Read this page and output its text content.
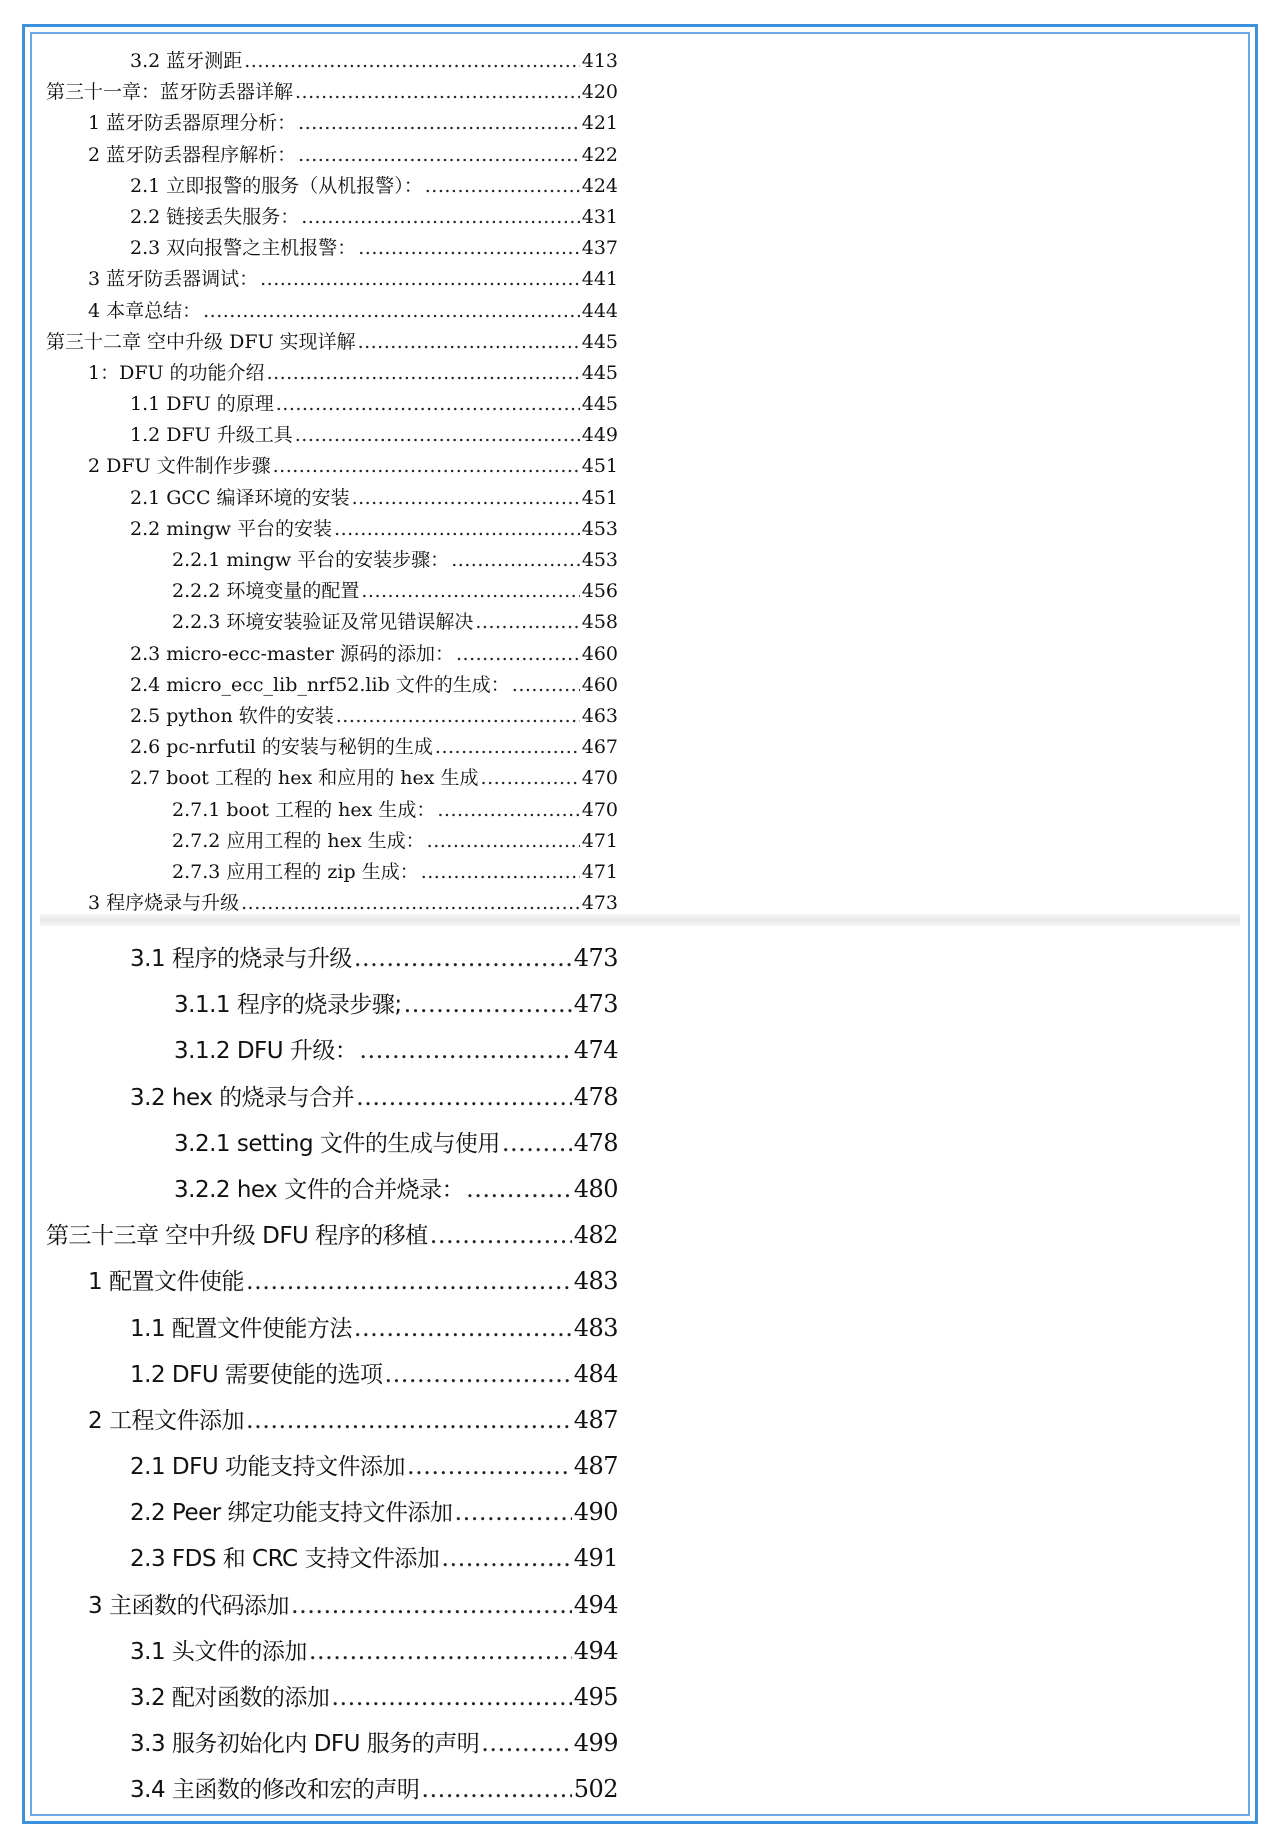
3.2 蓝牙测距 .....	413
第三十一章：蓝牙防丢器详解 .....	420
1 蓝牙防丢器原理分析： .....	421
2 蓝牙防丢器程序解析： .....	422
2.1 立即报警的服务（从机报警）： .....	424
2.2 链接丢失服务： .....	431
2.3 双向报警之主机报警： .....	437
3 蓝牙防丢器调试： .....	441
4 本章总结： .....	444
第三十二章 空中升级 DFU 实现详解 .....	445
1：DFU 的功能介绍 .....	445
1.1 DFU 的原理 .....	445
1.2 DFU 升级工具 .....	449
2 DFU 文件制作步骤 .....	451
2.1 GCC 编译环境的安装 .....	451
2.2 mingw 平台的安装 .....	453
2.2.1 mingw 平台的安装步骤： .....	453
2.2.2 环境变量的配置 .....	456
2.2.3 环境安装验证及常见错误解决 .....	458
2.3 micro-ecc-master 源码的添加： .....	460
2.4 micro_ecc_lib_nrf52.lib 文件的生成： .....	460
2.5 python 软件的安装 .....	463
2.6 pc-nrfutil 的安装与秘钥的生成 .....	467
2.7 boot 工程的 hex 和应用的 hex 生成 .....	470
2.7.1 boot 工程的 hex 生成： .....	470
2.7.2 应用工程的 hex 生成： .....	471
2.7.3 应用工程的 zip 生成： .....	471
3 程序烧录与升级 .....	473
3.1 程序的烧录与升级 .....	473
3.1.1 程序的烧录步骤; .....	473
3.1.2 DFU 升级： .....	474
3.2 hex 的烧录与合并 .....	478
3.2.1 setting 文件的生成与使用 .....	478
3.2.2 hex 文件的合并烧录： .....	480
第三十三章 空中升级 DFU 程序的移植 .....	482
1 配置文件使能 .....	483
1.1 配置文件使能方法 .....	483
1.2 DFU 需要使能的选项 .....	484
2 工程文件添加 .....	487
2.1 DFU 功能支持文件添加 .....	487
2.2 Peer 绑定功能支持文件添加 .....	490
2.3 FDS 和 CRC 支持文件添加 .....	491
3 主函数的代码添加 .....	494
3.1 头文件的添加 .....	494
3.2 配对函数的添加 .....	495
3.3 服务初始化内 DFU 服务的声明 .....	499
3.4 主函数的修改和宏的声明 .....	502
